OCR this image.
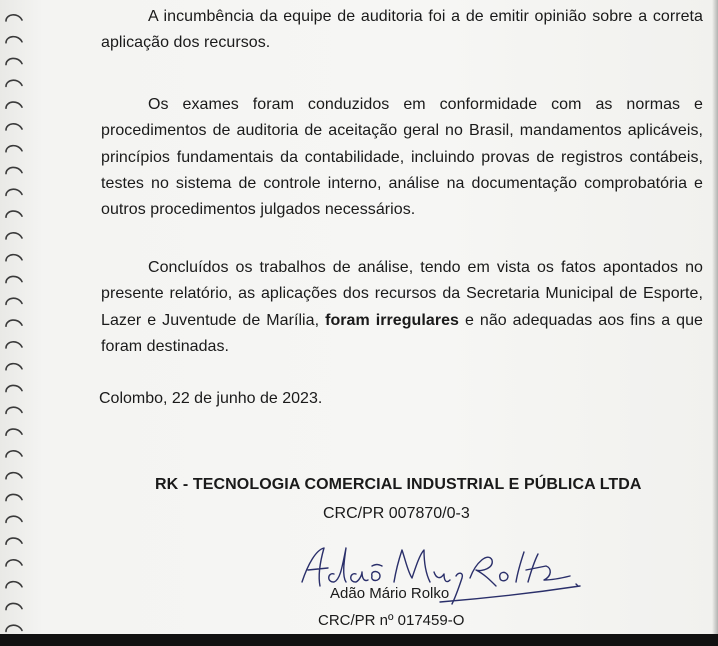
A incumbência da equipe de auditoria foi a de emitir opinião sobre a correta aplicação dos recursos.
Os exames foram conduzidos em conformidade com as normas e procedimentos de auditoria de aceitação geral no Brasil, mandamentos aplicáveis, princípios fundamentais da contabilidade, incluindo provas de registros contábeis, testes no sistema de controle interno, análise na documentação comprobatória e outros procedimentos julgados necessários.
Concluídos os trabalhos de análise, tendo em vista os fatos apontados no presente relatório, as aplicações dos recursos da Secretaria Municipal de Esporte, Lazer e Juventude de Marília, foram irregulares e não adequadas aos fins a que foram destinadas.
Colombo, 22 de junho de 2023.
RK - TECNOLOGIA COMERCIAL INDUSTRIAL E PÚBLICA LTDA
CRC/PR 007870/0-3
Adão Mário Rolko
CRC/PR nº 017459-O
